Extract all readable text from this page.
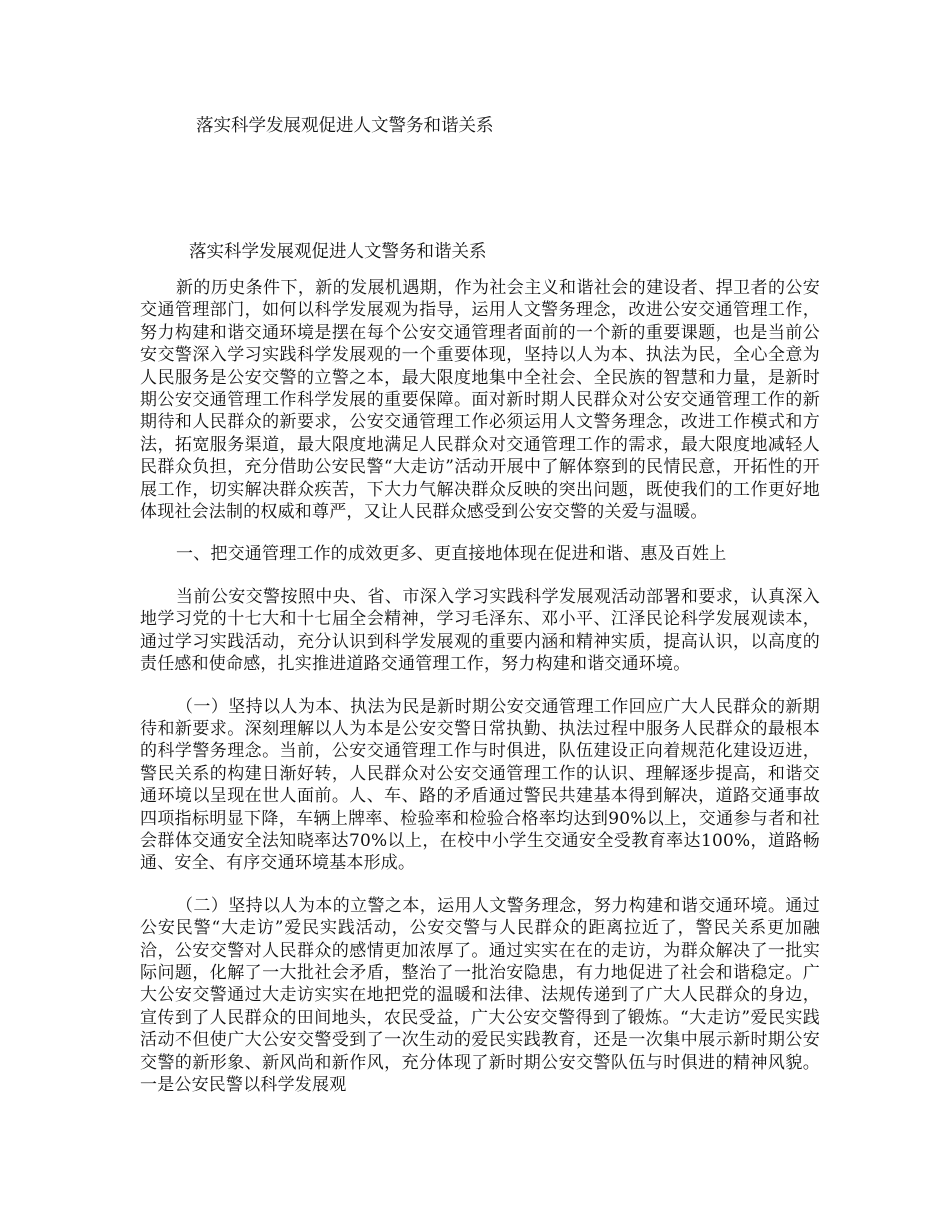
落实科学发展观促进人文警务和谐关系
落实科学发展观促进人文警务和谐关系

新的历史条件下，新的发展机遇期，作为社会主义和谐社会的建设者、捍卫者的公安交通管理部门，如何以科学发展观为指导，运用人文警务理念，改进公安交通管理工作，努力构建和谐交通环境是摆在每个公安交通管理者面前的一个新的重要课题，也是当前公安交警深入学习实践科学发展观的一个重要体现，坚持以人为本、执法为民，全心全意为人民服务是公安交警的立警之本，最大限度地集中全社会、全民族的智慧和力量，是新时期公安交通管理工作科学发展的重要保障。面对新时期人民群众对公安交通管理工作的新期待和人民群众的新要求，公安交通管理工作必须运用人文警务理念，改进工作模式和方法，拓宽服务渠道，最大限度地满足人民群众对交通管理工作的需求，最大限度地减轻人民群众负担，充分借助公安民警“大走访”活动开展中了解体察到的民情民意，开拓性的开展工作，切实解决群众疾苦，下大力气解决群众反映的突出问题，既使我们的工作更好地体现社会法制的权威和尊严，又让人民群众感受到公安交警的关爱与温暖。

一、把交通管理工作的成效更多、更直接地体现在促进和谐、惠及百姓上

当前公安交警按照中央、省、市深入学习实践科学发展观活动部署和要求，认真深入地学习党的十七大和十七届全会精神，学习毛泽东、邓小平、江泽民论科学发展观读本，通过学习实践活动，充分认识到科学发展观的重要内涵和精神实质，提高认识，以高度的责任感和使命感，扎实推进道路交通管理工作，努力构建和谐交通环境。

（一）坚持以人为本、执法为民是新时期公安交通管理工作回应广大人民群众的新期待和新要求。深刻理解以人为本是公安交警日常执勤、执法过程中服务人民群众的最根本的科学警务理念。当前，公安交通管理工作与时俱进，队伍建设正向着规范化建设迈进，警民关系的构建日渐好转，人民群众对公安交通管理工作的认识、理解逐步提高，和谐交通环境以呈现在世人面前。人、车、路的矛盾通过警民共建基本得到解决，道路交通事故四项指标明显下降，车辆上牌率、检验率和检验合格率均达到90%以上，交通参与者和社会群体交通安全法知晓率达70%以上，在校中小学生交通安全受教育率达100%，道路畅通、安全、有序交通环境基本形成。

（二）坚持以人为本的立警之本，运用人文警务理念，努力构建和谐交通环境。通过公安民警“大走访”爱民实践活动，公安交警与人民群众的距离拉近了，警民关系更加融洽，公安交警对人民群众的感情更加浓厚了。通过实实在在的走访，为群众解决了一批实际问题，化解了一大批社会矛盾，整治了一批治安隐患，有力地促进了社会和谐稳定。广大公安交警通过大走访实实在地把党的温暖和法律、法规传递到了广大人民群众的身边，宣传到了人民群众的田间地头，农民受益，广大公安交警得到了锻炼。“大走访”爱民实践活动不但使广大公安交警受到了一次生动的爱民实践教育，还是一次集中展示新时期公安交警的新形象、新风尚和新作风，充分体现了新时期公安交警队伍与时俱进的精神风貌。一是公安民警以科学发展观
